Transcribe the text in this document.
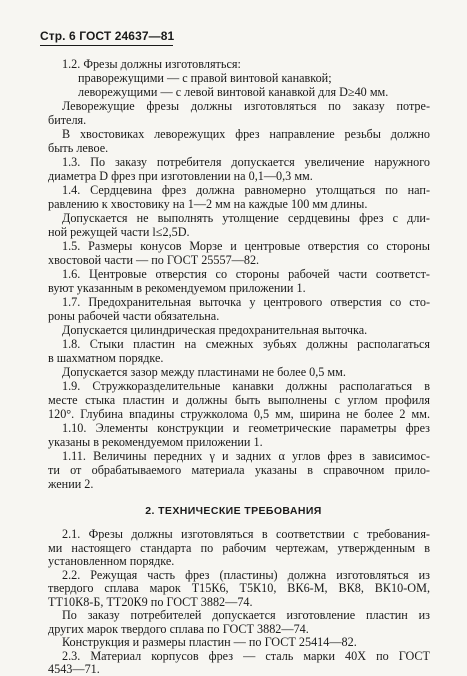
Стр. 6 ГОСТ 24637—81
1.2. Фрезы должны изготовляться:
праворежущими — с правой винтовой канавкой;
леворежущими — с левой винтовой канавкой для D≥40 мм.
Леворежущие фрезы должны изготовляться по заказу потре-
бителя.
В хвостовиках леворежущих фрез направление резьбы должно
быть левое.
1.3. По заказу потребителя допускается увеличение наружного
диаметра D фрез при изготовлении на 0,1—0,3 мм.
1.4. Сердцевина фрез должна равномерно утолщаться по нап-
равлению к хвостовику на 1—2 мм на каждые 100 мм длины.
Допускается не выполнять утолщение сердцевины фрез с дли-
ной режущей части l≤2,5D.
1.5. Размеры конусов Морзе и центровые отверстия со стороны
хвостовой части — по ГОСТ 25557—82.
1.6. Центровые отверстия со стороны рабочей части соответст-
вуют указанным в рекомендуемом приложении 1.
1.7. Предохранительная выточка у центрового отверстия со сто-
роны рабочей части обязательна.
Допускается цилиндрическая предохранительная выточка.
1.8. Стыки пластин на смежных зубьях должны располагаться
в шахматном порядке.
Допускается зазор между пластинами не более 0,5 мм.
1.9. Стружкоразделительные канавки должны располагаться в
месте стыка пластин и должны быть выполнены с углом профиля
120°. Глубина впадины стружколома 0,5 мм, ширина не более 2 мм.
1.10. Элементы конструкции и геометрические параметры фрез
указаны в рекомендуемом приложении 1.
1.11. Величины передних γ и задних α углов фрез в зависимос-
ти от обрабатываемого материала указаны в справочном прило-
жении 2.
2. ТЕХНИЧЕСКИЕ ТРЕБОВАНИЯ
2.1. Фрезы должны изготовляться в соответствии с требования-
ми настоящего стандарта по рабочим чертежам, утвержденным в
установленном порядке.
2.2. Режущая часть фрез (пластины) должна изготовляться из
твердого сплава марок Т15К6, Т5К10, ВК6-М, ВК8, ВК10-ОМ,
ТТ10К8-Б, ТТ20К9 по ГОСТ 3882—74.
По заказу потребителей допускается изготовление пластин из
других марок твердого сплава по ГОСТ 3882—74.
Конструкция и размеры пластин — по ГОСТ 25414—82.
2.3. Материал корпусов фрез — сталь марки 40Х по ГОСТ
4543—71.
